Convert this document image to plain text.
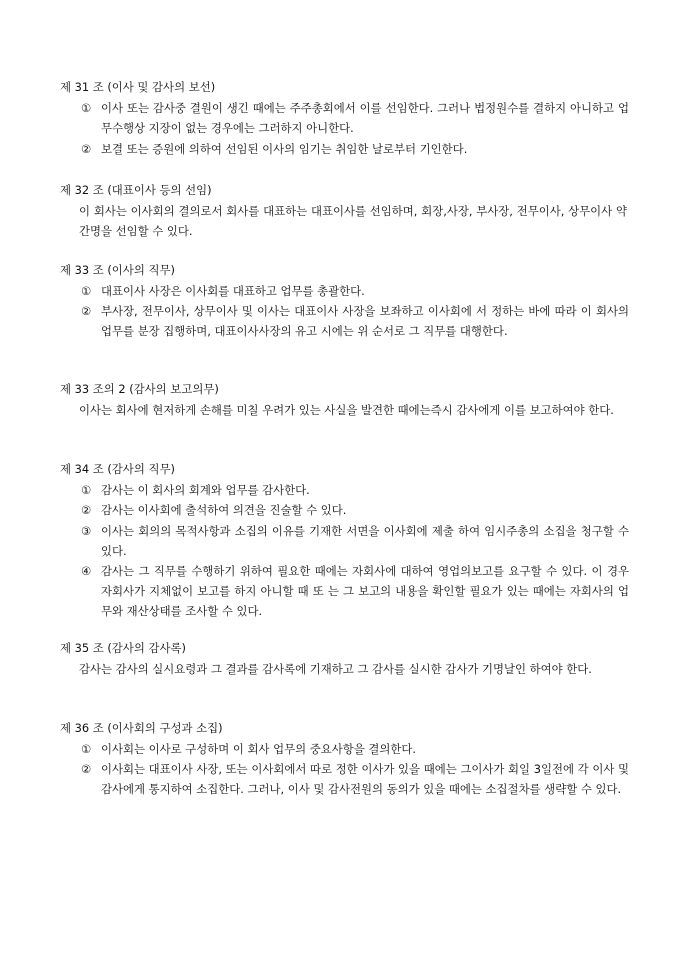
제 31 조 (이사 및 감사의 보선)
① 이사 또는 감사중 결원이 생긴 때에는 주주총회에서 이를 선임한다. 그러나 법정원수를 결하지 아니하고 업무수행상 지장이 없는 경우에는 그러하지 아니한다.
② 보결 또는 증원에 의하여 선임된 이사의 임기는 취임한 날로부터 기인한다.
제 32 조 (대표이사 등의 선임)
이 회사는 이사회의 결의로서 회사를 대표하는 대표이사를 선임하며, 회장,사장, 부사장, 전무이사, 상무이사 약간명을 선임할 수 있다.
제 33 조 (이사의 직무)
① 대표이사 사장은 이사회를 대표하고 업무를 총괄한다.
② 부사장, 전무이사, 상무이사 및 이사는 대표이사 사장을 보좌하고 이사회에 서 정하는 바에 따라 이 회사의 업무를 분장 집행하며, 대표이사사장의 유고 시에는 위 순서로 그 직무를 대행한다.
제 33 조의 2 (감사의 보고의무)
이사는 회사에 현저하게 손해를 미칠 우려가 있는 사실을 발견한 때에는즉시 감사에게 이를 보고하여야 한다.
제 34 조 (감사의 직무)
① 감사는 이 회사의 회계와 업무를 감사한다.
② 감사는 이사회에 출석하여 의견을 진술할 수 있다.
③ 이사는 회의의 목적사항과 소집의 이유를 기재한 서면을 이사회에 제출 하여 임시주총의 소집을 청구할 수 있다.
④ 감사는 그 직무를 수행하기 위하여 필요한 때에는 자회사에 대하여 영업의보고를 요구할 수 있다. 이 경우 자회사가 지체없이 보고를 하지 아니할 때 또 는 그 보고의 내용을 확인할 필요가 있는 때에는 자회사의 업무와 재산상태를 조사할 수 있다.
제 35 조 (감사의 감사록)
감사는 감사의 실시요령과 그 결과를 감사록에 기재하고 그 감사를 실시한 감사가 기명날인 하여야 한다.
제 36 조 (이사회의 구성과 소집)
① 이사회는 이사로 구성하며 이 회사 업무의 중요사항을 결의한다.
② 이사회는 대표이사 사장, 또는 이사회에서 따로 정한 이사가 있을 때에는 그이사가 회일 3일전에 각 이사 및 감사에게 통지하여 소집한다. 그러나, 이사 및 감사전원의 동의가 있을 때에는 소집절차를 생략할 수 있다.
